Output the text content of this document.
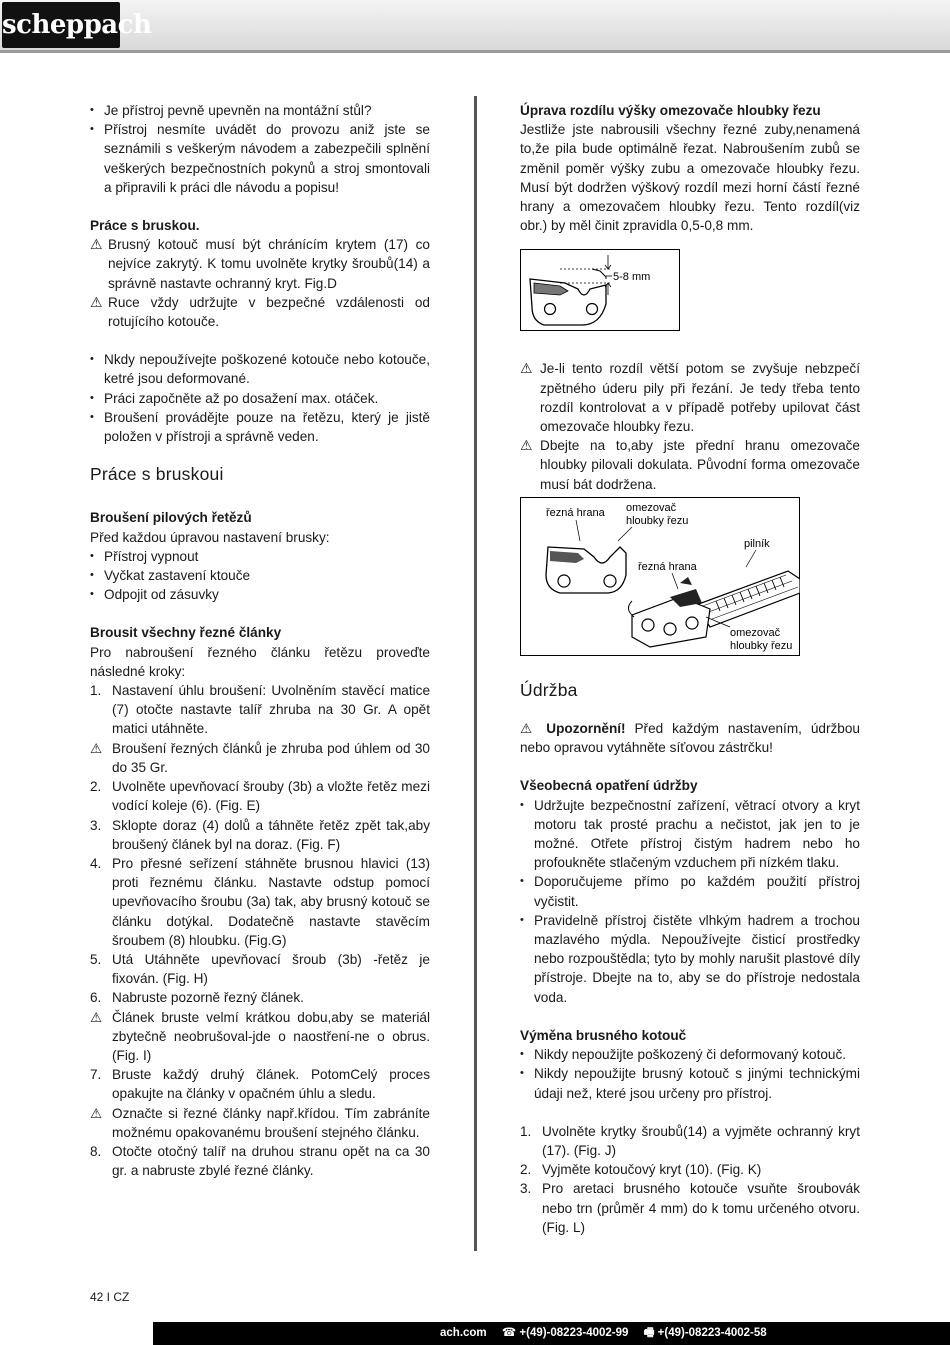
scheppach
• Je přístroj pevně upevněn na montážní stůl?
• Přístroj nesmíte uvádět do provozu aniž jste se seznámili s veškerým návodem a zabezpečili splnění veškerých bezpečnostních pokynů a stroj smontovali a připravili k práci dle návodu a popisu!

Práce s bruskou.

⚠ Brusný kotouč musí být chránícím krytem (17) co nejvíce zakrytý. K tomu uvolněte krytky šroubů(14) a správně nastavte ochranný kryt. Fig.D
⚠ Ruce vždy udržujte v bezpečné vzdálenosti od rotujícího kotouče.
• Nkdy nepoužívejte poškozené kotouče nebo kotouče, ketré jsou deformované.
• Práci započněte až po dosažení max. otáček.
• Broušení provádějte pouze na řetězu, který je jistě položen v přístroji a správně veden.

Práce s bruskoui

Broušení pilových řetězů

Před každou úpravou nastavení brusky:

• Přístroj vypnout
• Vyčkat zastavení ktouče
• Odpojit od zásuvky

Brousit všechny řezné články

Pro nabroušení řezného článku řetězu proveďte následné kroky:

1. Nastavení úhlu broušení: Uvolněním stavěcí matice (7) otočte nastavte talíř zhruba na 30 Gr. A opět matici utáhněte.
⚠ Broušení řezných článků je zhruba pod úhlem od 30 do 35 Gr.
2. Uvolněte upevňovací šrouby (3b) a vložte řetěz mezi vodící koleje (6). (Fig. E)
3. Sklopte doraz (4) dolů a táhněte řetěz zpět tak,aby broušený článek byl na doraz. (Fig. F)
4. Pro přesné seřízení stáhněte brusnou hlavici (13) proti řeznému článku. Nastavte odstup pomocí upevňovacího šroubu (3a) tak, aby brusný kotouč se článku dotýkal. Dodatečně nastavte stavěcím šroubem (8) hloubku. (Fig.G)
5. Utá Utáhněte upevňovací šroub (3b) -řetěz je fixován. (Fig. H)
6. Nabruste pozorně řezný článek.
⚠ Článek bruste velmí krátkou dobu,aby se materiál zbytečně neobrušoval-jde o naostření-ne o obrus. (Fig. I)
7. Bruste každý druhý článek. PotomCelý proces opakujte na články v opačném úhlu a sledu.
⚠ Označte si řezné články např.křídou. Tím zabráníte možnému opakovanému broušení stejného článku.
8. Otočte otočný talíř na druhou stranu opět na ca 30 gr. a nabruste zbylé řezné články.

Úprava rozdílu výšky omezovače hloubky řezu

Jestliže jste nabrousili všechny řezné zuby,nenamená to,že pila bude optimálně řezat. Nabroušením zubů se změnil poměr výšky zubu a omezovače hloubky řezu. Musí být dodržen výškový rozdíl mezi horní částí řezné hrany a omezovačem hloubky řezu. Tento rozdíl(viz obr.) by měl činit zpravidla 0,5-0,8 mm.

5-8 mm
⚠ Je-li tento rozdíl větší potom se zvyšuje nebzpečí zpětného úderu pily při řezání. Je tedy třeba tento rozdíl kontrolovat a v případě potřeby upilovat část omezovače hloubky řezu.
⚠ Dbejte na to,aby jste přední hranu omezovače hloubky pilovali dokulata. Původní forma omezovače musí bát dodržena.
řezná hrana omezovač
hloubky řezu
pilník
řezná hrana
omezovač
hloubky řezu

Údržba

⚠ Upozornění! Před každým nastavením, údržbou nebo opravou vytáhněte síťovou zástrčku!

Všeobecná opatření údržby

• Udržujte bezpečnostní zařízení, větrací otvory a kryt motoru tak prosté prachu a nečistot, jak jen to je možné. Otřete přístroj čistým hadrem nebo ho profoukněte stlačeným vzduchem při nízkém tlaku.
• Doporučujeme přímo po každém použití přístroj vyčistit.
• Pravidelně přístroj čistěte vlhkým hadrem a trochou mazlavého mýdla. Nepoužívejte čisticí prostředky nebo rozpouštědla; tyto by mohly narušit plastové díly přístroje. Dbejte na to, aby se do přístroje nedostala voda.

Výměna brusného kotouč

• Nikdy nepoužijte poškozený či deformovaný kotouč.
• Nikdy nepoužijte brusný kotouč s jinými technickými údaji než, které jsou určeny pro přístroj.
1. Uvolněte krytky šroubů(14) a vyjměte ochranný kryt (17). (Fig. J)
2. Vyjměte kotoučový kryt (10). (Fig. K)
3. Pro aretaci brusného kotouče vsuňte šroubovák nebo trn (průměr 4 mm) do k tomu určeného otvoru.(Fig. L)
42 I CZ
ach.com ☎ +(49)-08223-4002-99 🖷 +(49)-08223-4002-58
